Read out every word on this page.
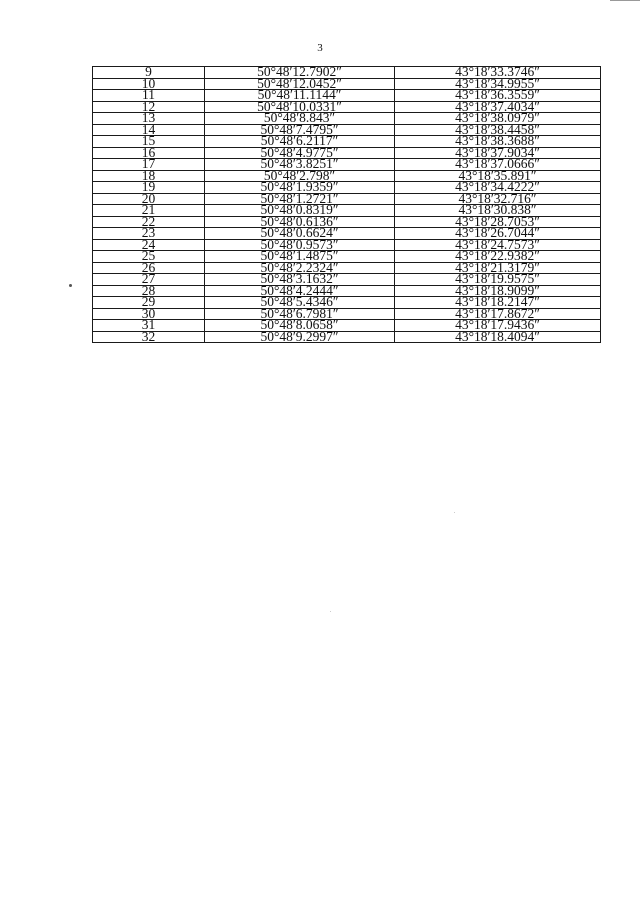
3
9	50°48′12.7902″	43°18′33.3746″
10	50°48′12.0452″	43°18′34.9955″
11	50°48′11.1144″	43°18′36.3559″
12	50°48′10.0331″	43°18′37.4034″
13	50°48′8.843″	43°18′38.0979″
14	50°48′7.4795″	43°18′38.4458″
15	50°48′6.2117″	43°18′38.3688″
16	50°48′4.9775″	43°18′37.9034″
17	50°48′3.8251″	43°18′37.0666″
18	50°48′2.798″	43°18′35.891″
19	50°48′1.9359″	43°18′34.4222″
20	50°48′1.2721″	43°18′32.716″
21	50°48′0.8319″	43°18′30.838″
22	50°48′0.6136″	43°18′28.7053″
23	50°48′0.6624″	43°18′26.7044″
24	50°48′0.9573″	43°18′24.7573″
25	50°48′1.4875″	43°18′22.9382″
26	50°48′2.2324″	43°18′21.3179″
27	50°48′3.1632″	43°18′19.9575″
28	50°48′4.2444″	43°18′18.9099″
29	50°48′5.4346″	43°18′18.2147″
30	50°48′6.7981″	43°18′17.8672″
31	50°48′8.0658″	43°18′17.9436″
32	50°48′9.2997″	43°18′18.4094″
